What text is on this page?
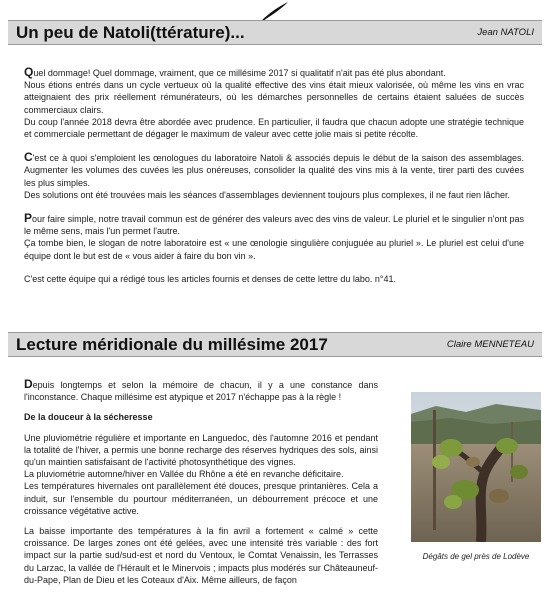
Un peu de Natoli(ttérature)...	Jean NATOLI

Quel dommage! Quel dommage, vraiment, que ce millésime 2017 si qualitatif n'ait pas été plus abondant.

Nous étions entrés dans un cycle vertueux où la qualité effective des vins était mieux valorisée, où même les vins en vrac atteignaient des prix réellement rémunérateurs, où les démarches personnelles de certains étaient saluées de succès commerciaux clairs.

Du coup l'année 2018 devra être abordée avec prudence. En particulier, il faudra que chacun adopte une stratégie technique et commerciale permettant de dégager le maximum de valeur avec cette jolie mais si petite récolte.

C'est ce à quoi s'emploient les œnologues du laboratoire Natoli & associés depuis le début de la saison des assemblages. Augmenter les volumes des cuvées les plus onéreuses, consolider la qualité des vins mis à la vente, tirer parti des cuvées les plus simples.

Des solutions ont été trouvées mais les séances d'assemblages deviennent toujours plus complexes, il ne faut rien lâcher.

Pour faire simple, notre travail commun est de générer des valeurs avec des vins de valeur. Le pluriel et le singulier n'ont pas le même sens, mais l'un permet l'autre.

Ça tombe bien, le slogan de notre laboratoire est « une œnologie singulière conjuguée au pluriel ». Le pluriel est celui d'une équipe dont le but est de « vous aider à faire du bon vin ».

C'est cette équipe qui a rédigé tous les articles fournis et denses de cette lettre du labo. n°41.

Lecture méridionale du millésime 2017	Claire MENNETEAU

Depuis longtemps et selon la mémoire de chacun, il y a une constance dans l'inconstance. Chaque millésime est atypique et 2017 n'échappe pas à la règle !

De la douceur à la sécheresse

Une pluviométrie régulière et importante en Languedoc, dès l'automne 2016 et pendant la totalité de l'hiver, a permis une bonne recharge des réserves hydriques des sols, ainsi qu'un maintien satisfaisant de l'activité photosynthétique des vignes.

La pluviométrie automne/hiver en Vallée du Rhône a été en revanche déficitaire.

Les températures hivernales ont parallèlement été douces, presque printanières. Cela a induit, sur l'ensemble du pourtour méditerranéen, un débourrement précoce et une croissance végétative active.

La baisse importante des températures à la fin avril a fortement « calmé » cette croissance. De larges zones ont été gelées, avec une intensité très variable : des fort impact sur la partie sud/sud-est et nord du Ventoux, le Comtat Venaissin, les Terrasses du Larzac, la vallée de l'Hérault et le Minervois ; impacts plus modérés sur Châteauneuf-du-Pape, Plan de Dieu et les Coteaux d'Aix. Même ailleurs, de façon

Dégâts de gel près de Lodève
